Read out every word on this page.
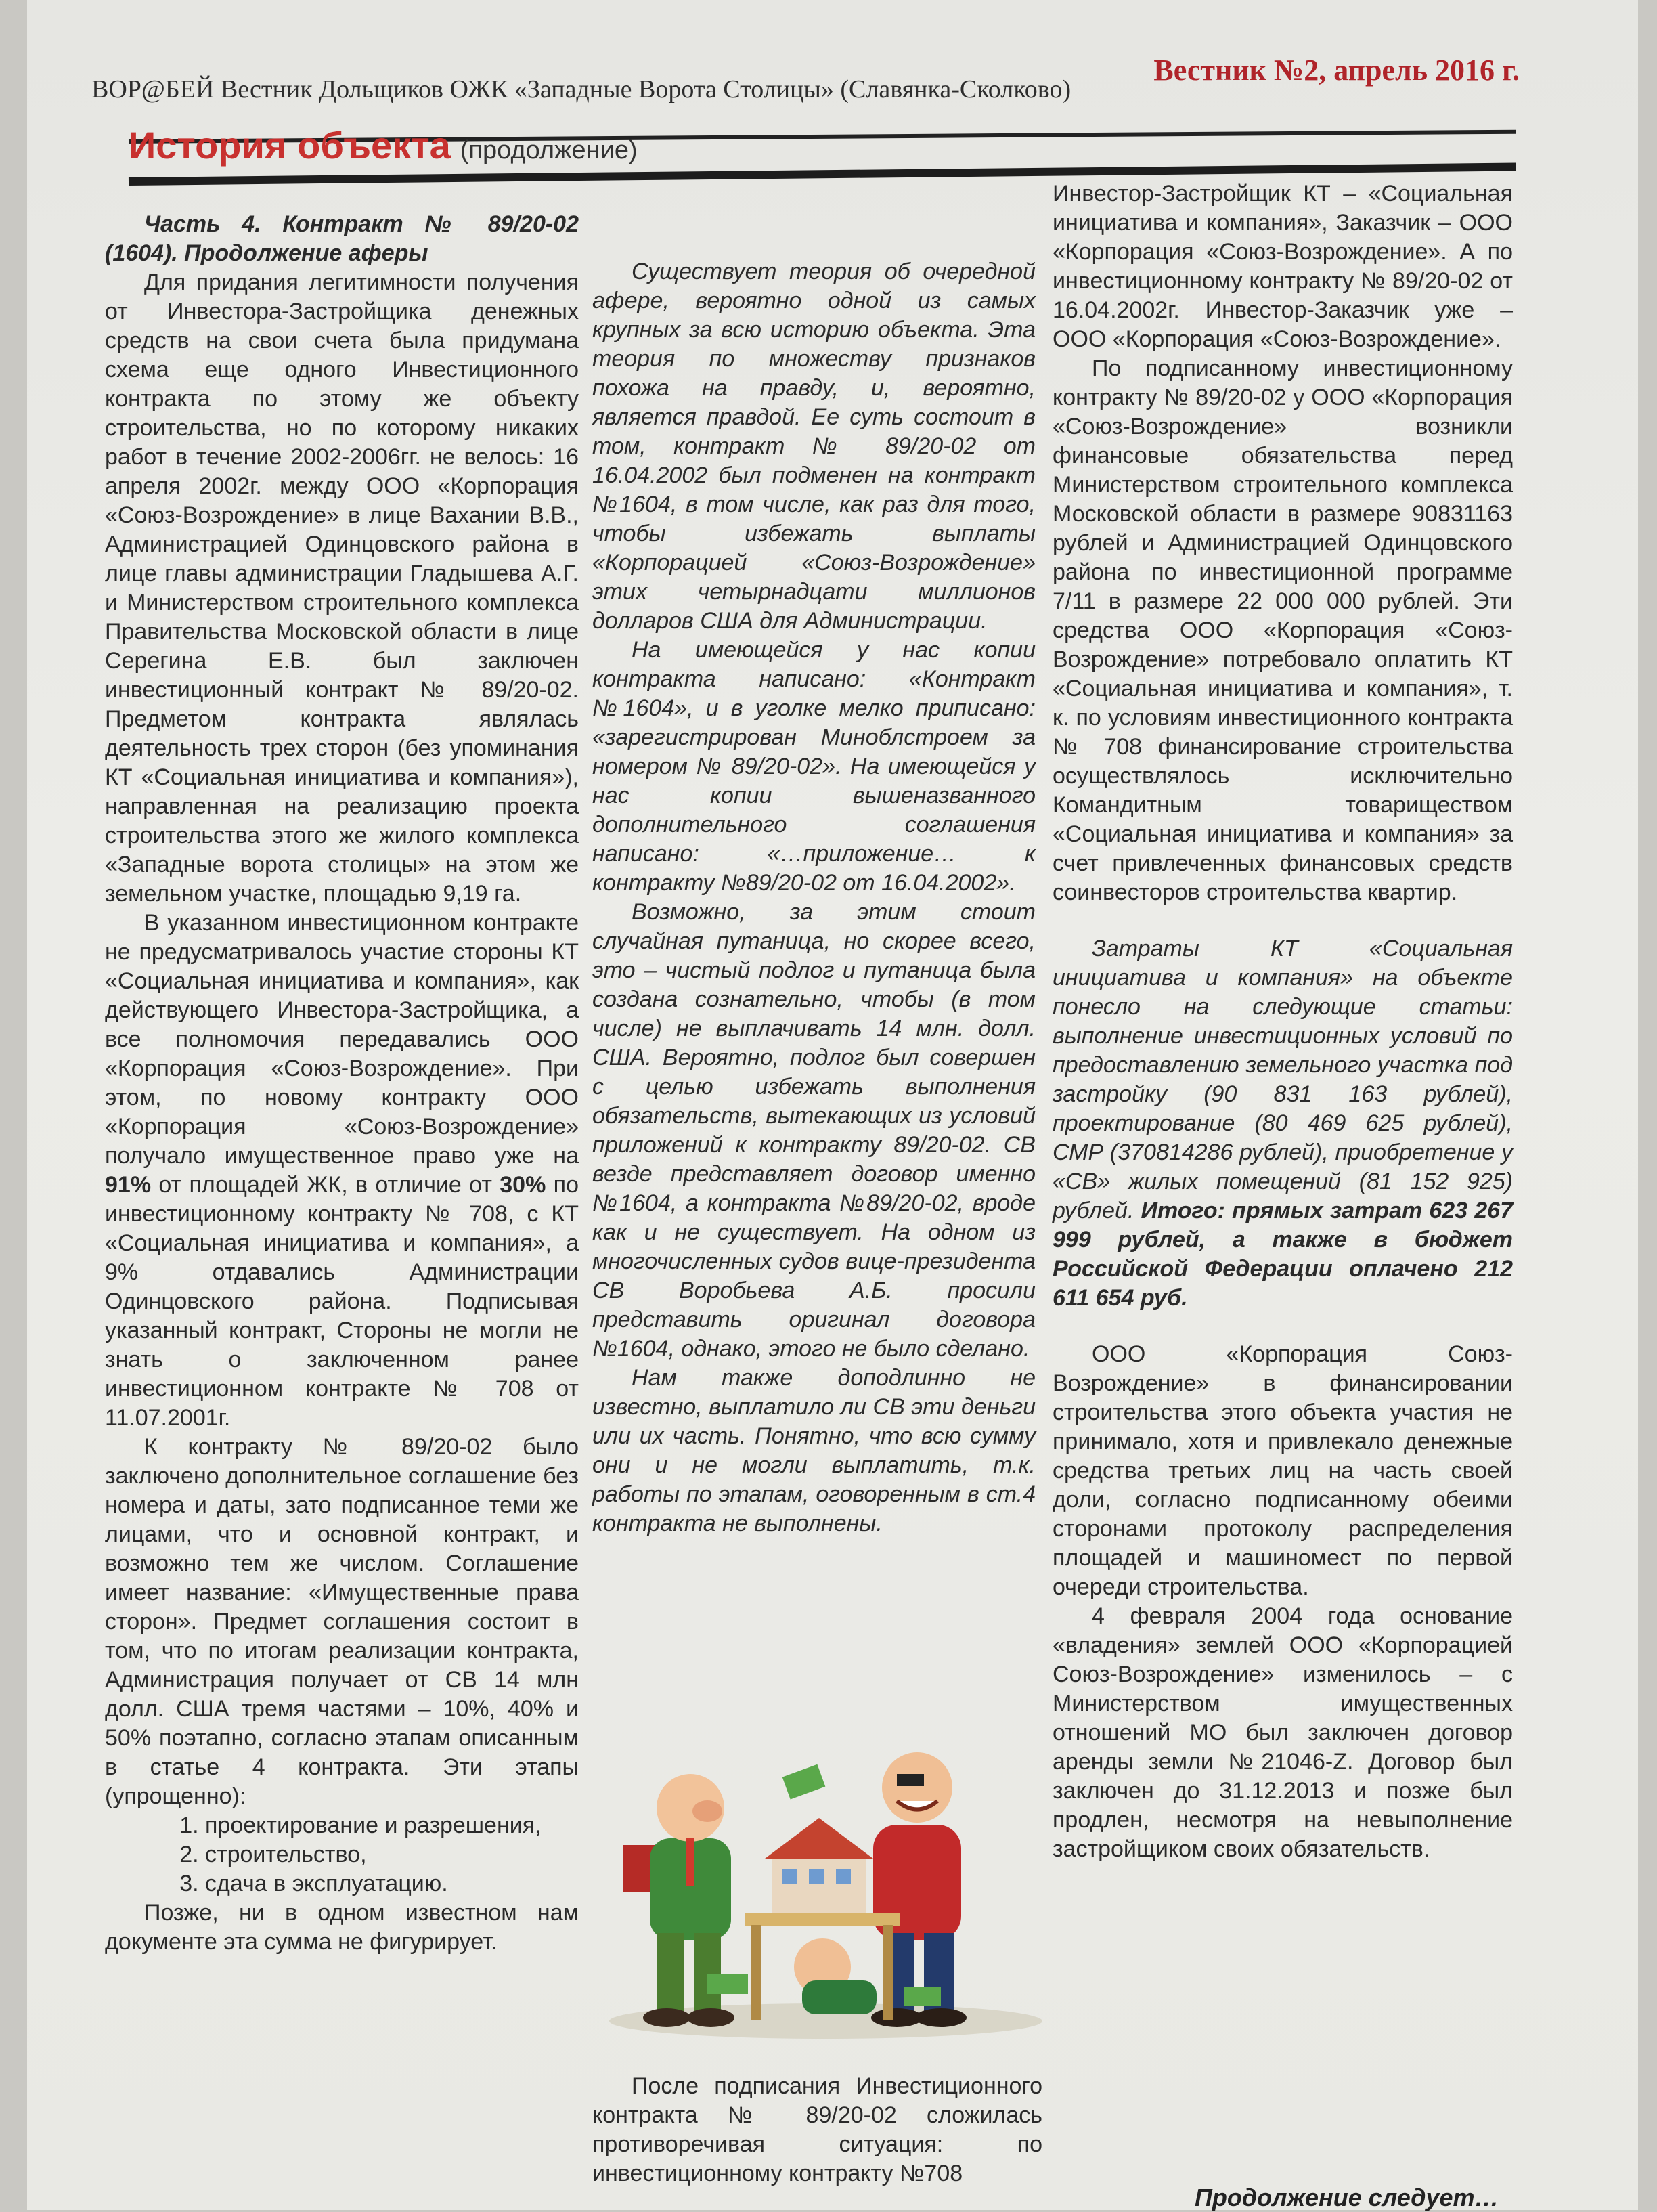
ВОР@БЕЙ Вестник Дольщиков ОЖК «Западные Ворота Столицы» (Славянка-Сколково)
Вестник №2, апрель 2016 г.
История объекта (продолжение)

Часть 4. Контракт № 89/20-02 (1604). Продолжение аферы

Для придания легитимности получения от Инвестора-Застройщика денежных средств на свои счета была придумана схема еще одного Инвестиционного контракта по этому же объекту строительства, но по которому никаких работ в течение 2002-2006гг. не велось: 16 апреля 2002г. между ООО «Корпорация «Союз-Возрождение» в лице Вахании В.В., Администрацией Одинцовского района в лице главы администрации Гладышева А.Г. и Министерством строительного комплекса Правительства Московской области в лице Серегина Е.В. был заключен инвестиционный контракт № 89/20-02. Предметом контракта являлась деятельность трех сторон (без упоминания КТ «Социальная инициатива и компания»), направленная на реализацию проекта строительства этого же жилого комплекса «Западные ворота столицы» на этом же земельном участке, площадью 9,19 га.

В указанном инвестиционном контракте не предусматривалось участие стороны КТ «Социальная инициатива и компания», как действующего Инвестора-Застройщика, а все полномочия передавались ООО «Корпорация «Союз-Возрождение». При этом, по новому контракту ООО «Корпорация «Союз-Возрождение» получало имущественное право уже на 91% от площадей ЖК, в отличие от 30% по инвестиционному контракту № 708, с КТ «Социальная инициатива и компания», а 9% отдавались Администрации Одинцовского района. Подписывая указанный контракт, Стороны не могли не знать о заключенном ранее инвестиционном контракте № 708 от 11.07.2001г.

К контракту № 89/20-02 было заключено дополнительное соглашение без номера и даты, зато подписанное теми же лицами, что и основной контракт, и возможно тем же числом. Соглашение имеет название: «Имущественные права сторон». Предмет соглашения состоит в том, что по итогам реализации контракта, Администрация получает от СВ 14 млн долл. США тремя частями – 10%, 40% и 50% поэтапно, согласно этапам описанным в статье 4 контракта. Эти этапы (упрощенно):

1. проектирование и разрешения,
2. строительство,
3. сдача в эксплуатацию.

Позже, ни в одном известном нам документе эта сумма не фигурирует.

Существует теория об очередной афере, вероятно одной из самых крупных за всю историю объекта. Эта теория по множеству признаков похожа на правду, и, вероятно, является правдой. Ее суть состоит в том, контракт № 89/20-02 от 16.04.2002 был подменен на контракт №1604, в том числе, как раз для того, чтобы избежать выплаты «Корпорацией «Союз-Возрождение» этих четырнадцати миллионов долларов США для Администрации.

На имеющейся у нас копии контракта написано: «Контракт №1604», и в уголке мелко приписано: «зарегистрирован Миноблстроем за номером № 89/20-02». На имеющейся у нас копии вышеназванного дополнительного соглашения написано: «…приложение… к контракту №89/20-02 от 16.04.2002».

Возможно, за этим стоит случайная путаница, но скорее всего, это – чистый подлог и путаница была создана сознательно, чтобы (в том числе) не выплачивать 14 млн. долл. США. Вероятно, подлог был совершен с целью избежать выполнения обязательств, вытекающих из условий приложений к контракту 89/20-02. СВ везде представляет договор именно №1604, а контракта №89/20-02, вроде как и не существует. На одном из многочисленных судов вице-президента СВ Воробьева А.Б. просили представить оригинал договора №1604, однако, этого не было сделано.

Нам также доподлинно не известно, выплатило ли СВ эти деньги или их часть. Понятно, что всю сумму они и не могли выплатить, т.к. работы по этапам, оговоренным в ст.4 контракта не выполнены.

После подписания Инвестиционного контракта № 89/20-02 сложилась противоречивая ситуация: по инвестиционному контракту №708

Инвестор-Застройщик КТ – «Социальная инициатива и компания», Заказчик – ООО «Корпорация «Союз-Возрождение». А по инвестиционному контракту № 89/20-02 от 16.04.2002г. Инвестор-Заказчик уже – ООО «Корпорация «Союз-Возрождение».

По подписанному инвестиционному контракту № 89/20-02 у ООО «Корпорация «Союз-Возрождение» возникли финансовые обязательства перед Министерством строительного комплекса Московской области в размере 90831163 рублей и Администрацией Одинцовского района по инвестиционной программе 7/11 в размере 22 000 000 рублей. Эти средства ООО «Корпорация «Союз-Возрождение» потребовало оплатить КТ «Социальная инициатива и компания», т. к. по условиям инвестиционного контракта № 708 финансирование строительства осуществлялось исключительно Командитным товариществом «Социальная инициатива и компания» за счет привлеченных финансовых средств соинвесторов строительства квартир.

Затраты КТ «Социальная инициатива и компания» на объекте понесло на следующие статьи: выполнение инвестиционных условий по предоставлению земельного участка под застройку (90 831 163 рублей), проектирование (80 469 625 рублей), СМР (370814286 рублей), приобретение у «СВ» жилых помещений (81 152 925) рублей. Итого: прямых затрат 623 267 999 рублей, а также в бюджет Российской Федерации оплачено 212 611 654 руб.

ООО «Корпорация Союз-Возрождение» в финансировании строительства этого объекта участия не принимало, хотя и привлекало денежные средства третьих лиц на часть своей доли, согласно подписанному обеими сторонами протоколу распределения площадей и машиномест по первой очереди строительства.

4 февраля 2004 года основание «владения» землей ООО «Корпорацией Союз-Возрождение» изменилось – с Министерством имущественных отношений МО был заключен договор аренды земли №21046-Z. Договор был заключен до 31.12.2013 и позже был продлен, несмотря на невыполнение застройщиком своих обязательств.

Продолжение следует…
